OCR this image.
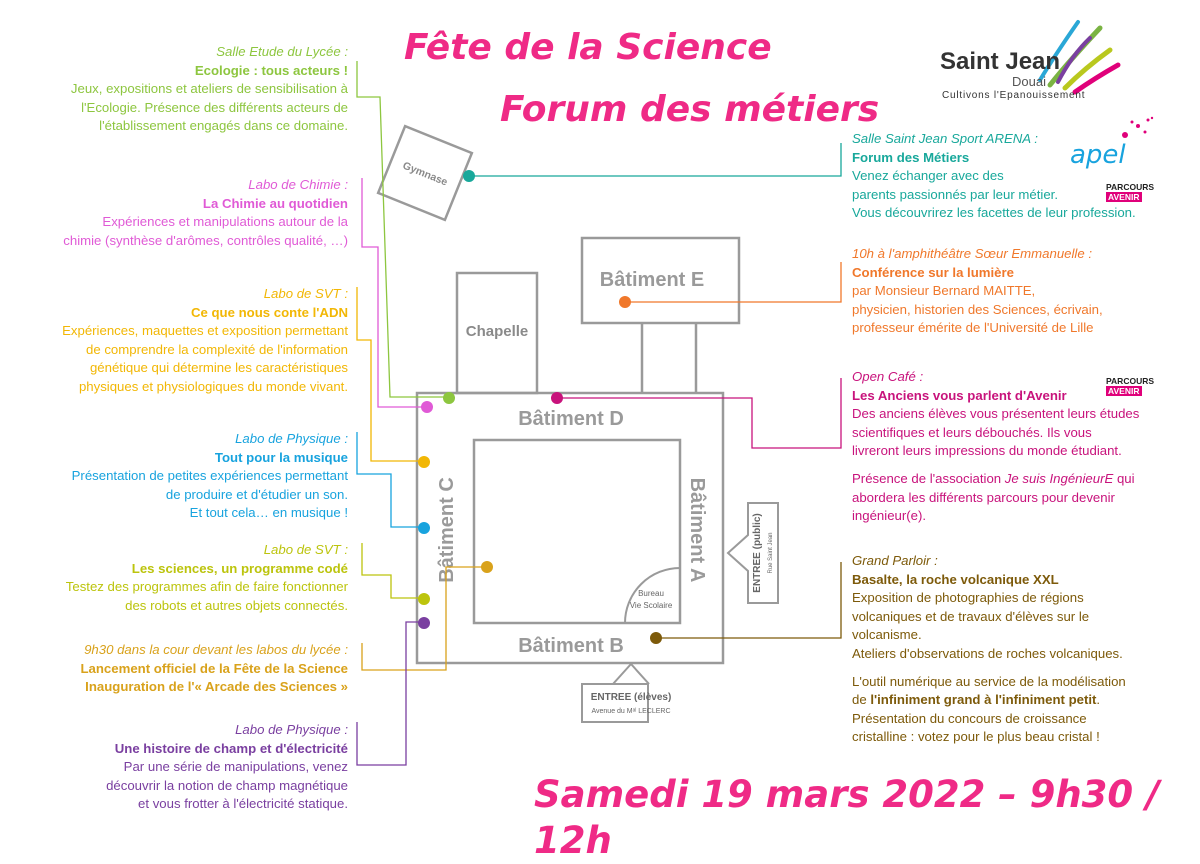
Gymnase
Chapelle
Bâtiment E
Bureau
Vie Scolaire
Bâtiment D
Bâtiment B
Bâtiment C	Bâtiment A	ENTREE (public) Rue Saint Jean
ENTREE (élèves)
Avenue du Mᵃˡ LECLERC
Fête de la Science
Forum des métiers
Samedi 19 mars 2022 – 9h30 / 12h
Saint Jean
Douai
Cultivons l'Epanouissement
apel
PARCOURS
AVENIR
PARCOURS
AVENIR
Salle Etude du Lycée :
Ecologie : tous acteurs !
Jeux, expositions et ateliers de sensibilisation à
l'Ecologie. Présence des différents acteurs de
l'établissement engagés dans ce domaine.
Labo de Chimie :
La Chimie au quotidien
Expériences et manipulations autour de la
chimie (synthèse d'arômes, contrôles qualité, …)
Labo de SVT :
Ce que nous conte l'ADN
Expériences, maquettes et exposition permettant
de comprendre la complexité de l'information
génétique qui détermine les caractéristiques
physiques et physiologiques du monde vivant.
Labo de Physique :
Tout pour la musique
Présentation de petites expériences permettant
de produire et d'étudier un son.
Et tout cela… en musique !
Labo de SVT :
Les sciences, un programme codé
Testez des programmes afin de faire fonctionner
des robots et autres objets connectés.
9h30 dans la cour devant les labos du lycée :
Lancement officiel de la Fête de la Science
Inauguration de l'« Arcade des Sciences »
Labo de Physique :
Une histoire de champ et d'électricité
Par une série de manipulations, venez
découvrir la notion de champ magnétique
et vous frotter à l'électricité statique.
Salle Saint Jean Sport ARENA :
Forum des Métiers
Venez échanger avec des
parents passionnés par leur métier.
Vous découvrirez les facettes de leur profession.
10h à l'amphithéâtre Sœur Emmanuelle :
Conférence sur la lumière
par Monsieur Bernard MAITTE,
physicien, historien des Sciences, écrivain,
professeur émérite de l'Université de Lille
Open Café :
Les Anciens vous parlent d'Avenir
Des anciens élèves vous présentent leurs études
scientifiques et leurs débouchés. Ils vous
livreront leurs impressions du monde étudiant.
Présence de l'association Je suis IngénieurE qui
abordera les différents parcours pour devenir
ingénieur(e).
Grand Parloir :
Basalte, la roche volcanique XXL
Exposition de photographies de régions
volcaniques et de travaux d'élèves sur le
volcanisme.
Ateliers d'observations de roches volcaniques.
L'outil numérique au service de la modélisation
de l'infiniment grand à l'infiniment petit.
Présentation du concours de croissance
cristalline : votez pour le plus beau cristal !
